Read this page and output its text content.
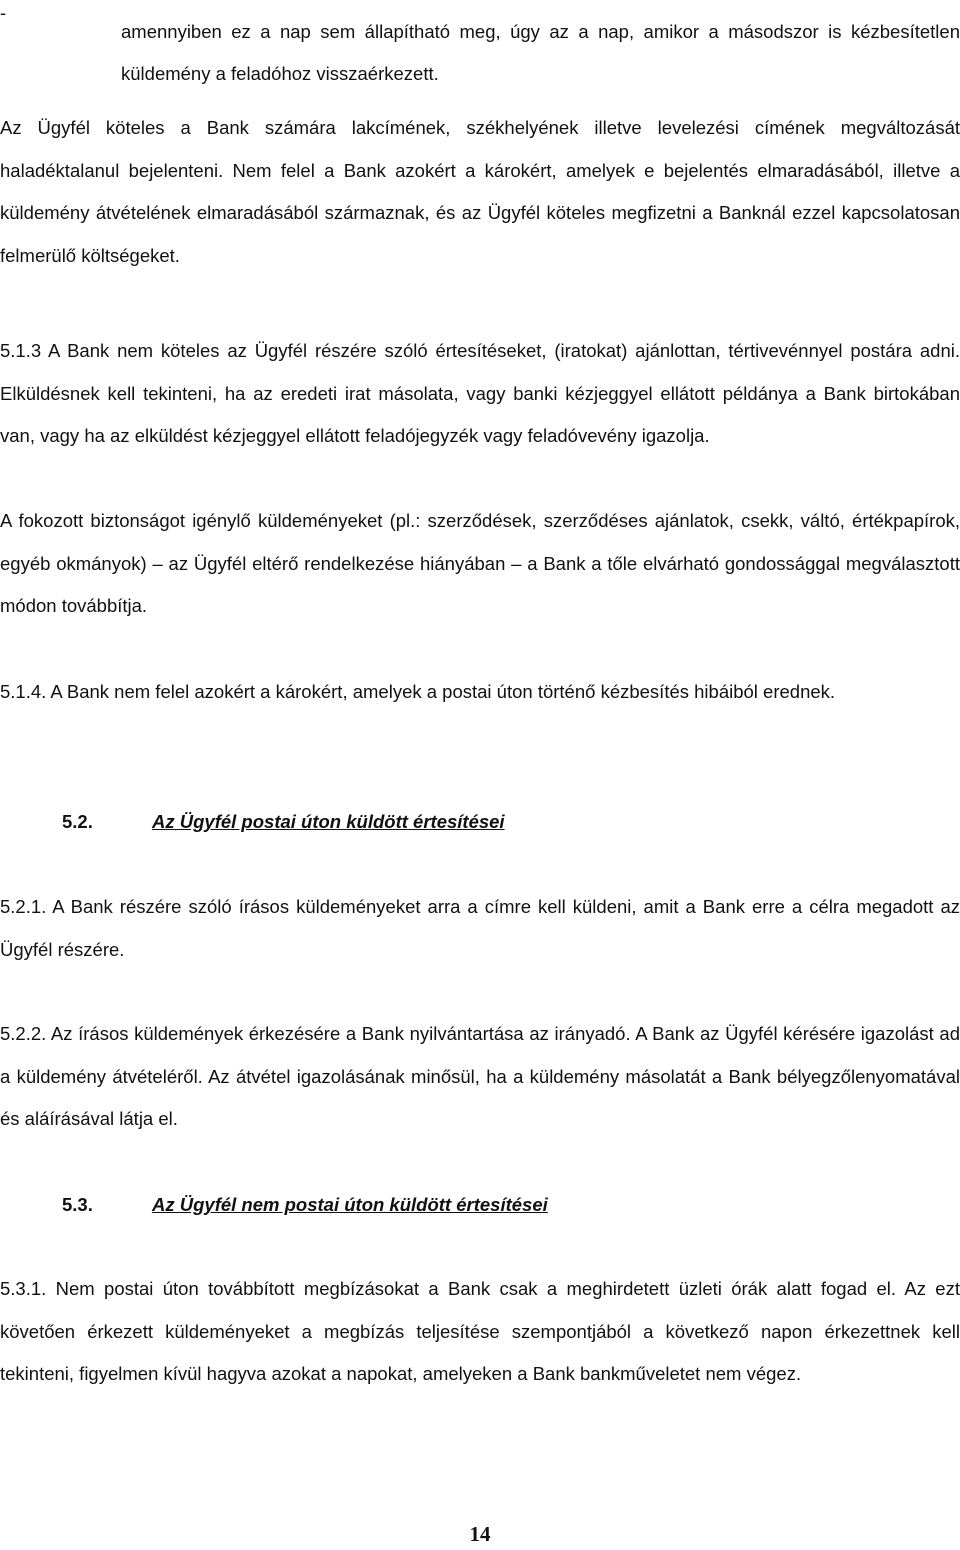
-

amennyiben ez a nap sem állapítható meg, úgy az a nap, amikor a másodszor is kézbesítetlen küldemény a feladóhoz visszaérkezett.

Az Ügyfél köteles a Bank számára lakcímének, székhelyének illetve levelezési címének megváltozását haladéktalanul bejelenteni. Nem felel a Bank azokért a károkért, amelyek e bejelentés elmaradásából, illetve a küldemény átvételének elmaradásából származnak, és az Ügyfél köteles megfizetni a Banknál ezzel kapcsolatosan felmerülő költségeket.

5.1.3 A Bank nem köteles az Ügyfél részére szóló értesítéseket, (iratokat) ajánlottan, tértivevénnyel postára adni. Elküldésnek kell tekinteni, ha az eredeti irat másolata, vagy banki kézjeggyel ellátott példánya a Bank birtokában van, vagy ha az elküldést kézjeggyel ellátott feladójegyzék vagy feladóvevény igazolja.

A fokozott biztonságot igénylő küldeményeket (pl.: szerződések, szerződéses ajánlatok, csekk, váltó, értékpapírok, egyéb okmányok) – az Ügyfél eltérő rendelkezése hiányában – a Bank a tőle elvárható gondossággal megválasztott módon továbbítja.

5.1.4. A Bank nem felel azokért a károkért, amelyek a postai úton történő kézbesítés hibáiból erednek.

5.2.	Az Ügyfél postai úton küldött értesítései

5.2.1. A Bank részére szóló írásos küldeményeket arra a címre kell küldeni, amit a Bank erre a célra megadott az Ügyfél részére.

5.2.2. Az írásos küldemények érkezésére a Bank nyilvántartása az irányadó. A Bank az Ügyfél kérésére igazolást ad a küldemény átvételéről. Az átvétel igazolásának minősül, ha a küldemény másolatát a Bank bélyegzőlenyomatával és aláírásával látja el.

5.3.	Az Ügyfél nem postai úton küldött értesítései

5.3.1. Nem postai úton továbbított megbízásokat a Bank csak a meghirdetett üzleti órák alatt fogad el. Az ezt követően érkezett küldeményeket a megbízás teljesítése szempontjából a következő napon érkezettnek kell tekinteni, figyelmen kívül hagyva azokat a napokat, amelyeken a Bank bankműveletet nem végez.

14
